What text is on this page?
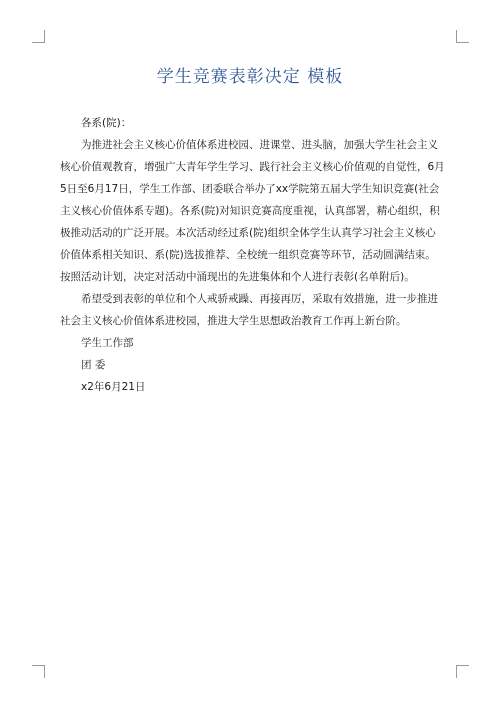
学生竞赛表彰决定 模板

各系(院)：

为推进社会主义核心价值体系进校园、进课堂、进头脑，加强大学生社会主义核心价值观教育，增强广大青年学生学习、践行社会主义核心价值观的自觉性，6月5日至6月17日，学生工作部、团委联合举办了xx学院第五届大学生知识竞赛(社会主义核心价值体系专题)。各系(院)对知识竞赛高度重视，认真部署，精心组织，积极推动活动的广泛开展。本次活动经过系(院)组织全体学生认真学习社会主义核心价值体系相关知识、系(院)选拔推荐、全校统一组织竞赛等环节，活动圆满结束。按照活动计划，决定对活动中涌现出的先进集体和个人进行表彰(名单附后)。

希望受到表彰的单位和个人戒骄戒躁、再接再厉，采取有效措施，进一步推进社会主义核心价值体系进校园，推进大学生思想政治教育工作再上新台阶。

学生工作部

团 委

x2年6月21日
